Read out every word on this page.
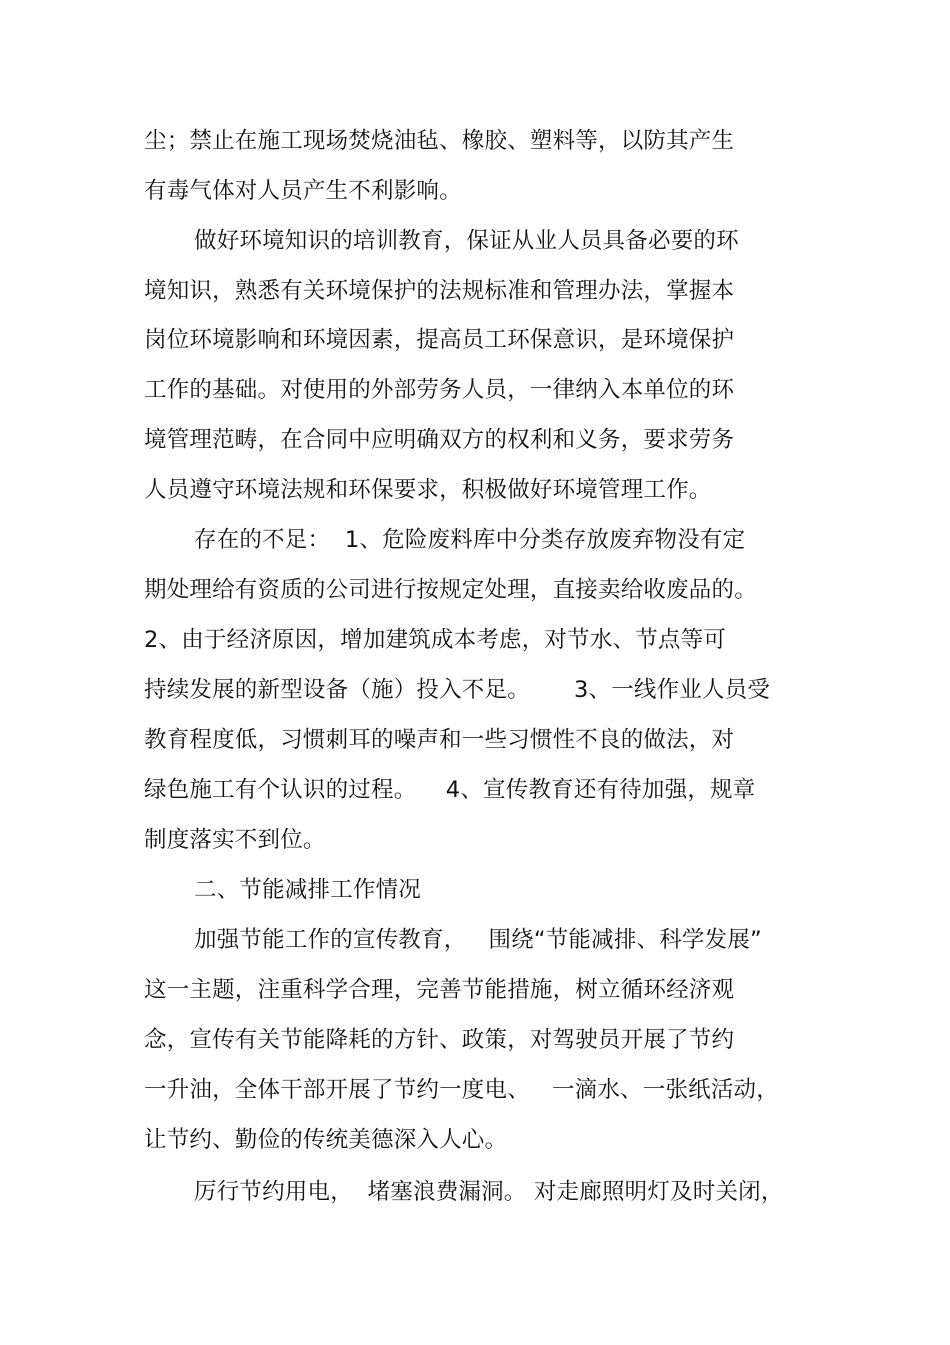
尘；禁止在施工现场焚烧油毡、橡胶、塑料等，以防其产生
有毒气体对人员产生不利影响。
做好环境知识的培训教育，保证从业人员具备必要的环
境知识，熟悉有关环境保护的法规标准和管理办法，掌握本
岗位环境影响和环境因素，提高员工环保意识，是环境保护
工作的基础。对使用的外部劳务人员，一律纳入本单位的环
境管理范畴，在合同中应明确双方的权利和义务，要求劳务
人员遵守环境法规和环保要求，积极做好环境管理工作。
存在的不足：  1、危险废料库中分类存放废弃物没有定
期处理给有资质的公司进行按规定处理，直接卖给收废品的。
2、由于经济原因，增加建筑成本考虑，对节水、节点等可
持续发展的新型设备（施）投入不足。      3、一线作业人员受
教育程度低，习惯刺耳的噪声和一些习惯性不良的做法，对
绿色施工有个认识的过程。    4、宣传教育还有待加强，规章
制度落实不到位。
二、节能减排工作情况
加强节能工作的宣传教育，   围绕“节能减排、科学发展”
这一主题，注重科学合理，完善节能措施，树立循环经济观
念，宣传有关节能降耗的方针、政策，对驾驶员开展了节约
一升油，全体干部开展了节约一度电、   一滴水、一张纸活动，
让节约、勤俭的传统美德深入人心。
厉行节约用电，  堵塞浪费漏洞。 对走廊照明灯及时关闭，
